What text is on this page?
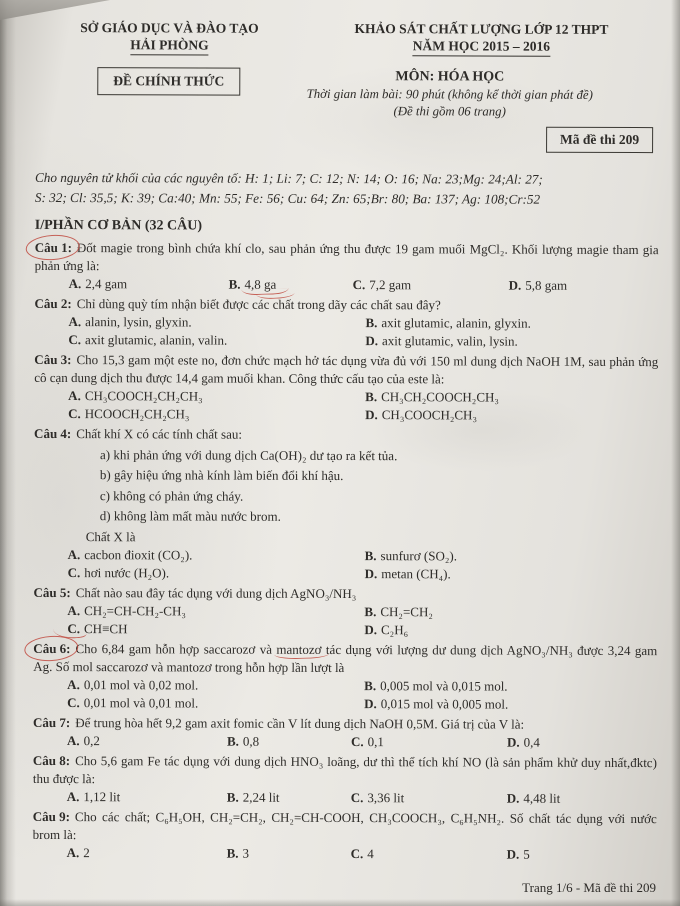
SỞ GIÁO DỤC VÀ ĐÀO TẠO
HẢI PHÒNG
KHẢO SÁT CHẤT LƯỢNG LỚP 12 THPT
NĂM HỌC 2015 – 2016
ĐỀ CHÍNH THỨC	MÔN: HÓA HỌC
Thời gian làm bài: 90 phút (không kể thời gian phát đề)
(Đề thi gồm 06 trang)
Mã đề thi 209
Cho nguyên tử khối của các nguyên tố: H: 1; Li: 7; C: 12; N: 14; O: 16; Na: 23;Mg: 24;Al: 27;
S: 32; Cl: 35,5; K: 39; Ca:40; Mn: 55; Fe: 56; Cu: 64; Zn: 65;Br: 80; Ba: 137; Ag: 108;Cr:52
I/PHẦN CƠ BẢN (32 CÂU)
Câu 1: Đốt magie trong bình chứa khí clo, sau phản ứng thu được 19 gam muối MgCl₂. Khối lượng magie tham gia phản ứng là:
A. 2,4 gam	B. 4,8 ga	C. 7,2 gam	D. 5,8 gam
Câu 2: Chỉ dùng quỳ tím nhận biết được các chất trong dãy các chất sau đây?
A. alanin, lysin, glyxin.	B. axit glutamic, alanin, glyxin.
C. axit glutamic, alanin, valin.	D. axit glutamic, valin, lysin.
Câu 3: Cho 15,3 gam một este no, đơn chức mạch hở tác dụng vừa đủ với 150 ml dung dịch NaOH 1M, sau phản ứng cô cạn dung dịch thu được 14,4 gam muối khan. Công thức cấu tạo của este là:
A. CH₃COOCH₂CH₂CH₃	B. CH₃CH₂COOCH₂CH₃
C. HCOOCH₂CH₂CH₃	D. CH₃COOCH₂CH₃
Câu 4: Chất khí X có các tính chất sau:
a) khi phản ứng với dung dịch Ca(OH)₂ dư tạo ra kết tủa.
b) gây hiệu ứng nhà kính làm biến đổi khí hậu.
c) không có phản ứng cháy.
d) không làm mất màu nước brom.
Chất X là
A. cacbon đioxit (CO₂).	B. sunfurơ (SO₂).
C. hơi nước (H₂O).	D. metan (CH₄).
Câu 5: Chất nào sau đây tác dụng với dung dịch AgNO₃/NH₃
A. CH₂=CH-CH₂-CH₃	B. CH₂=CH₂
C. CH≡CH	D. C₂H₆
Câu 6: Cho 6,84 gam hỗn hợp saccarozơ và mantozơ tác dụng với lượng dư dung dịch AgNO₃/NH₃ được 3,24 gam Ag. Số mol saccarozơ và mantozơ trong hỗn hợp lần lượt là
A. 0,01 mol và 0,02 mol.	B. 0,005 mol và 0,015 mol.
C. 0,01 mol và 0,01 mol.	D. 0,015 mol và 0,005 mol.
Câu 7: Để trung hòa hết 9,2 gam axit fomic cần V lít dung dịch NaOH 0,5M. Giá trị của V là:
A. 0,2	B. 0,8	C. 0,1	D. 0,4
Câu 8: Cho 5,6 gam Fe tác dụng với dung dịch HNO₃ loãng, dư thì thể tích khí NO (là sản phẩm khử duy nhất,đktc) thu được là:
A. 1,12 lit	B. 2,24 lit	C. 3,36 lit	D. 4,48 lit
Câu 9: Cho các chất; C₆H₅OH, CH₂=CH₂, CH₂=CH-COOH, CH₃COOCH₃, C₆H₅NH₂. Số chất tác dụng với nước brom là:
A. 2	B. 3	C. 4	D. 5
Trang 1/6 - Mã đề thi 209
